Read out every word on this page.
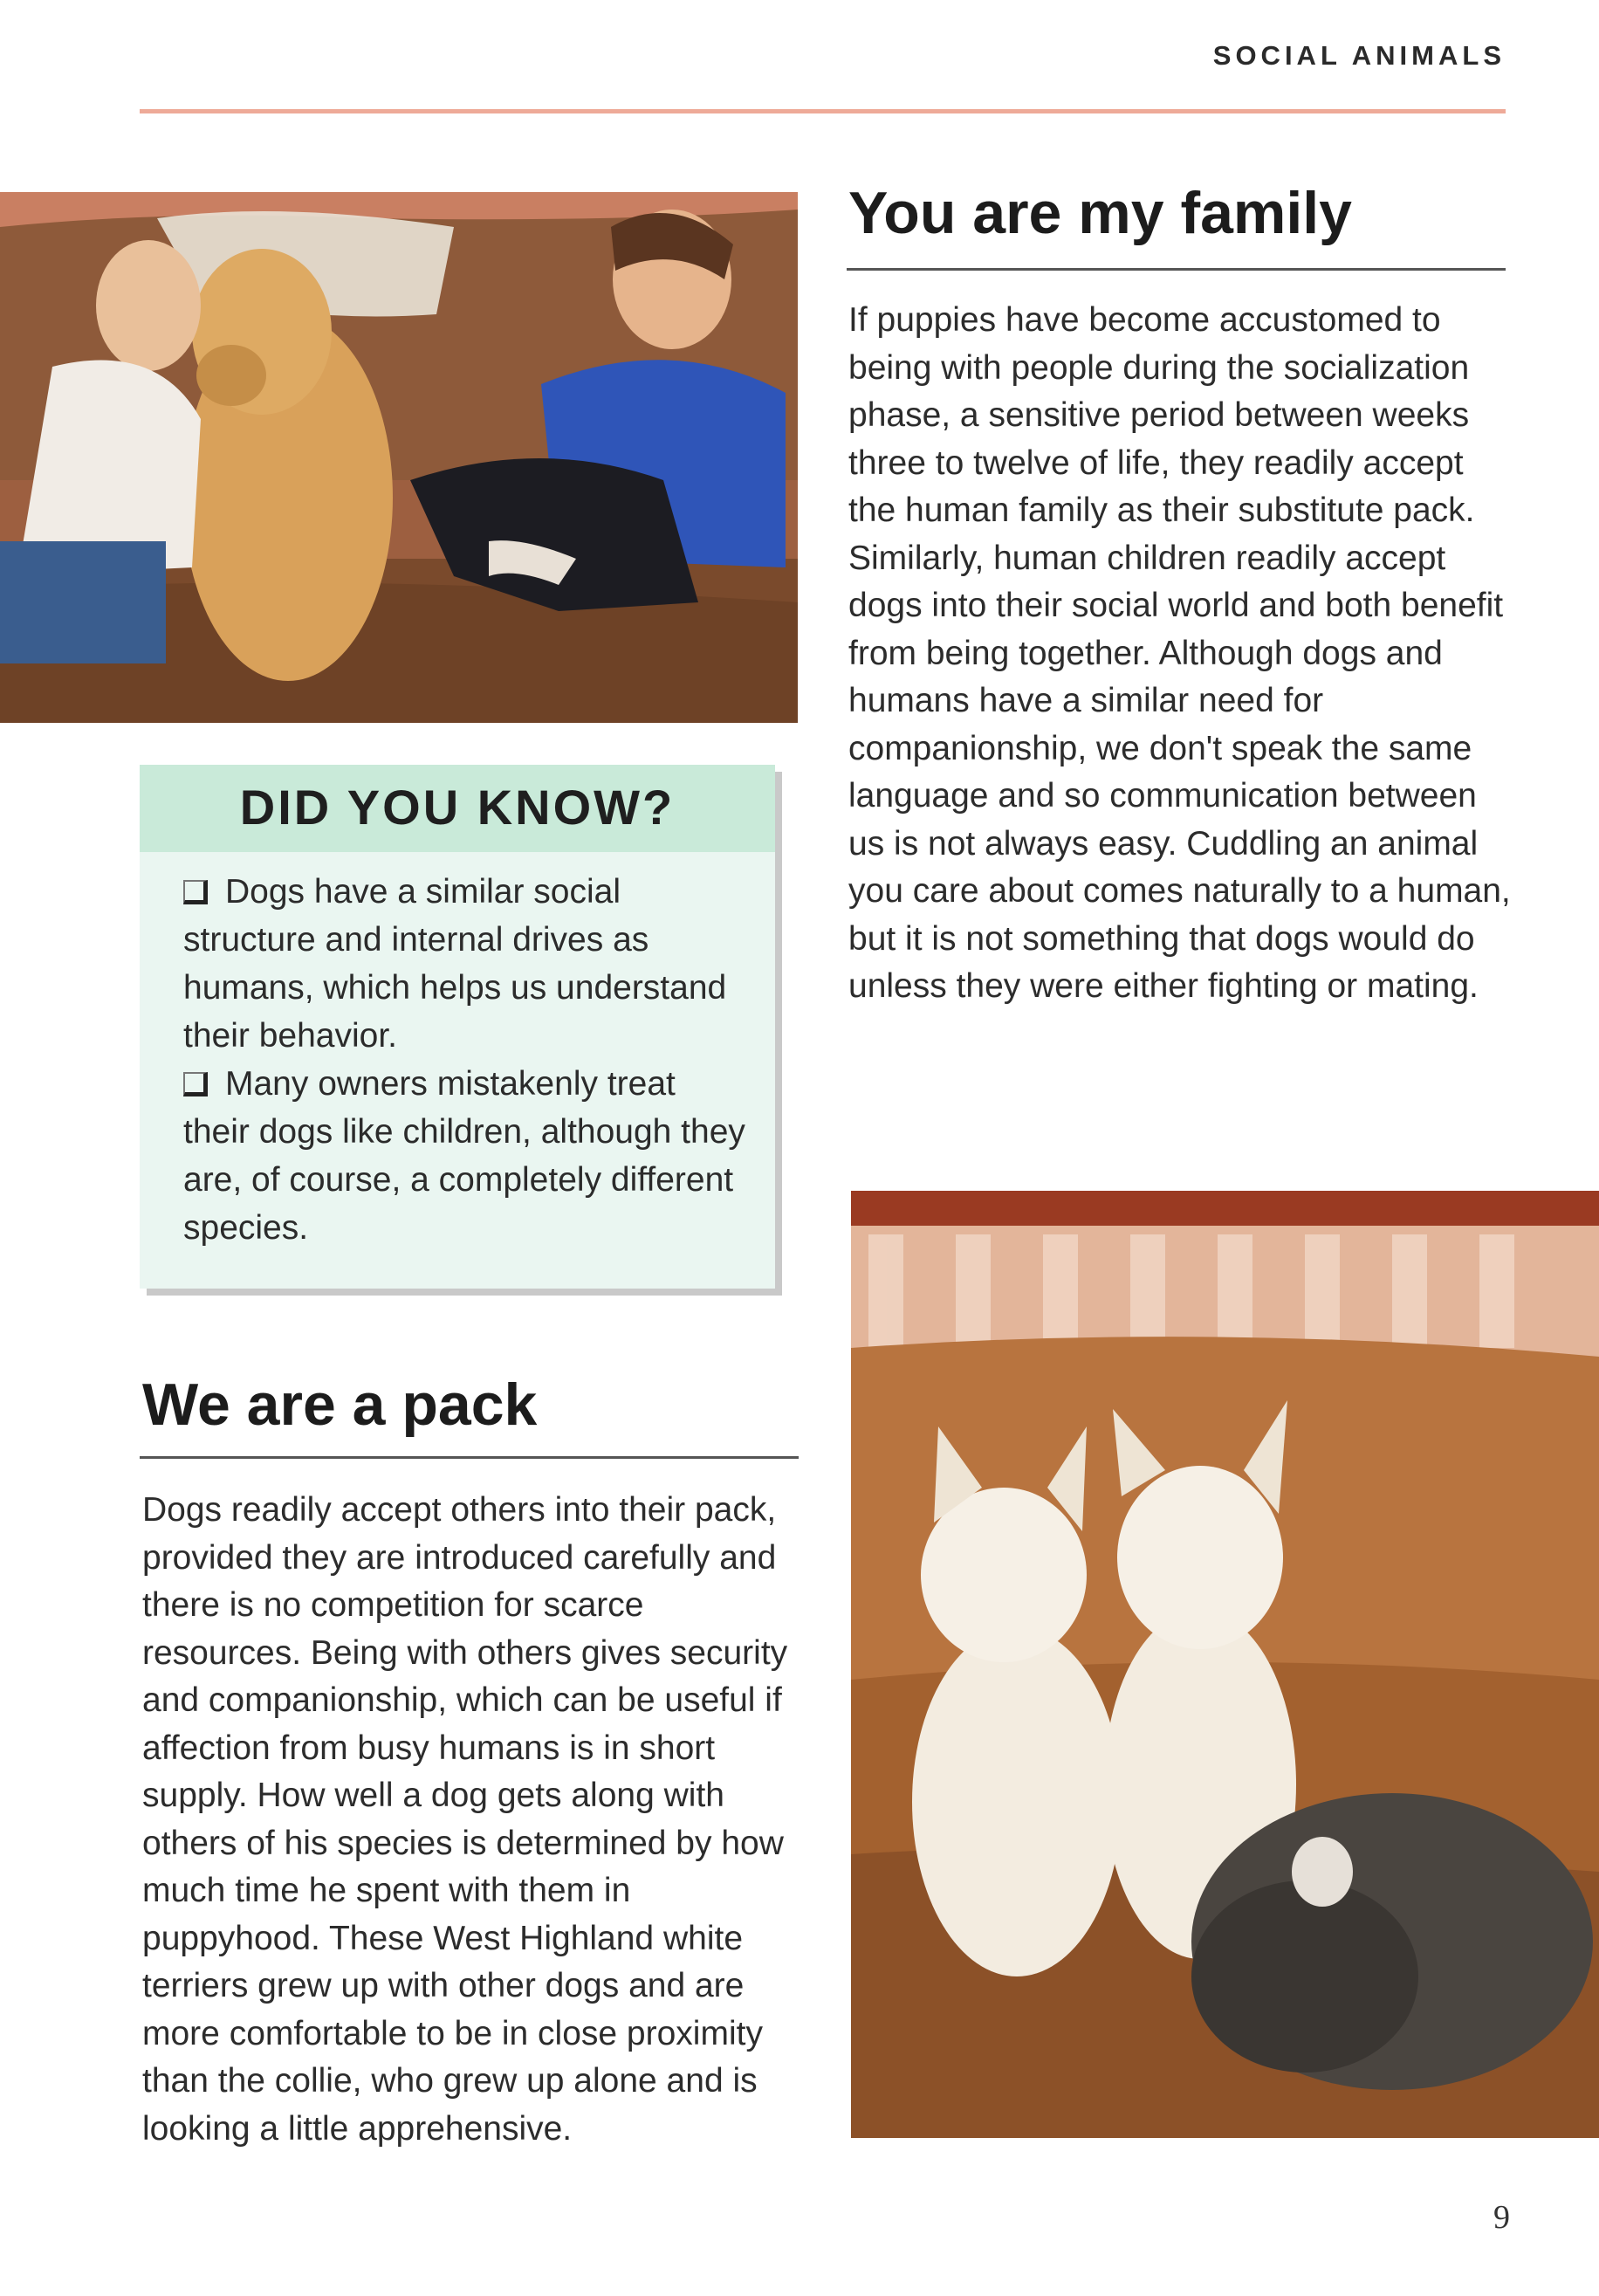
SOCIAL ANIMALS
DID YOU KNOW?
Dogs have a similar social structure and internal drives as humans, which helps us understand their behavior.
Many owners mistakenly treat their dogs like children, although they are, of course, a completely different species.
You are my family
If puppies have become accustomed to being with people during the socialization phase, a sensitive period between weeks three to twelve of life, they readily accept the human family as their substitute pack. Similarly, human children readily accept dogs into their social world and both benefit from being together. Although dogs and humans have a similar need for companionship, we don't speak the same language and so communication between us is not always easy. Cuddling an animal you care about comes naturally to a human, but it is not something that dogs would do unless they were either fighting or mating.
We are a pack
Dogs readily accept others into their pack, provided they are introduced carefully and there is no competition for scarce resources. Being with others gives security and companionship, which can be useful if affection from busy humans is in short supply. How well a dog gets along with others of his species is determined by how much time he spent with them in puppyhood. These West Highland white terriers grew up with other dogs and are more comfortable to be in close proximity than the collie, who grew up alone and is looking a little apprehensive.
9
